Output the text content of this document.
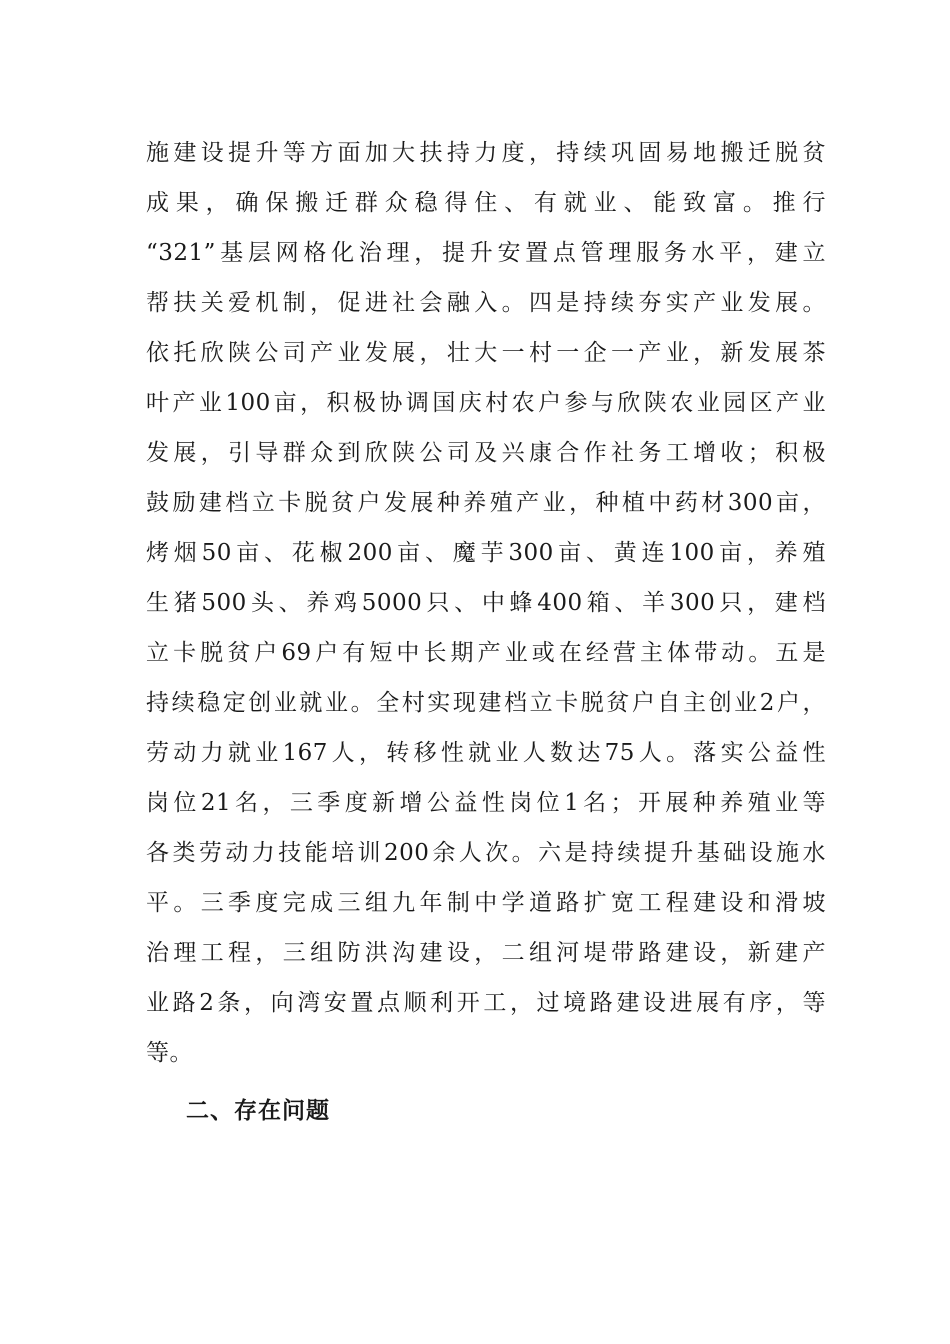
施建设提升等方面加大扶持力度，持续巩固易地搬迁脱贫
成果，确保搬迁群众稳得住、有就业、能致富。推行
“321”基层网格化治理，提升安置点管理服务水平，建立
帮扶关爱机制，促进社会融入。四是持续夯实产业发展。
依托欣陕公司产业发展，壮大一村一企一产业，新发展茶
叶产业100亩，积极协调国庆村农户参与欣陕农业园区产业
发展，引导群众到欣陕公司及兴康合作社务工增收；积极
鼓励建档立卡脱贫户发展种养殖产业，种植中药材300亩，
烤烟50亩、花椒200亩、魔芋300亩、黄连100亩，养殖
生猪500头、养鸡5000只、中蜂400箱、羊300只，建档
立卡脱贫户69户有短中长期产业或在经营主体带动。五是
持续稳定创业就业。全村实现建档立卡脱贫户自主创业2户，
劳动力就业167人，转移性就业人数达75人。落实公益性
岗位21名，三季度新增公益性岗位1名；开展种养殖业等
各类劳动力技能培训200余人次。六是持续提升基础设施水
平。三季度完成三组九年制中学道路扩宽工程建设和滑坡
治理工程，三组防洪沟建设，二组河堤带路建设，新建产
业路2条，向湾安置点顺利开工，过境路建设进展有序，等
等。
二、存在问题
